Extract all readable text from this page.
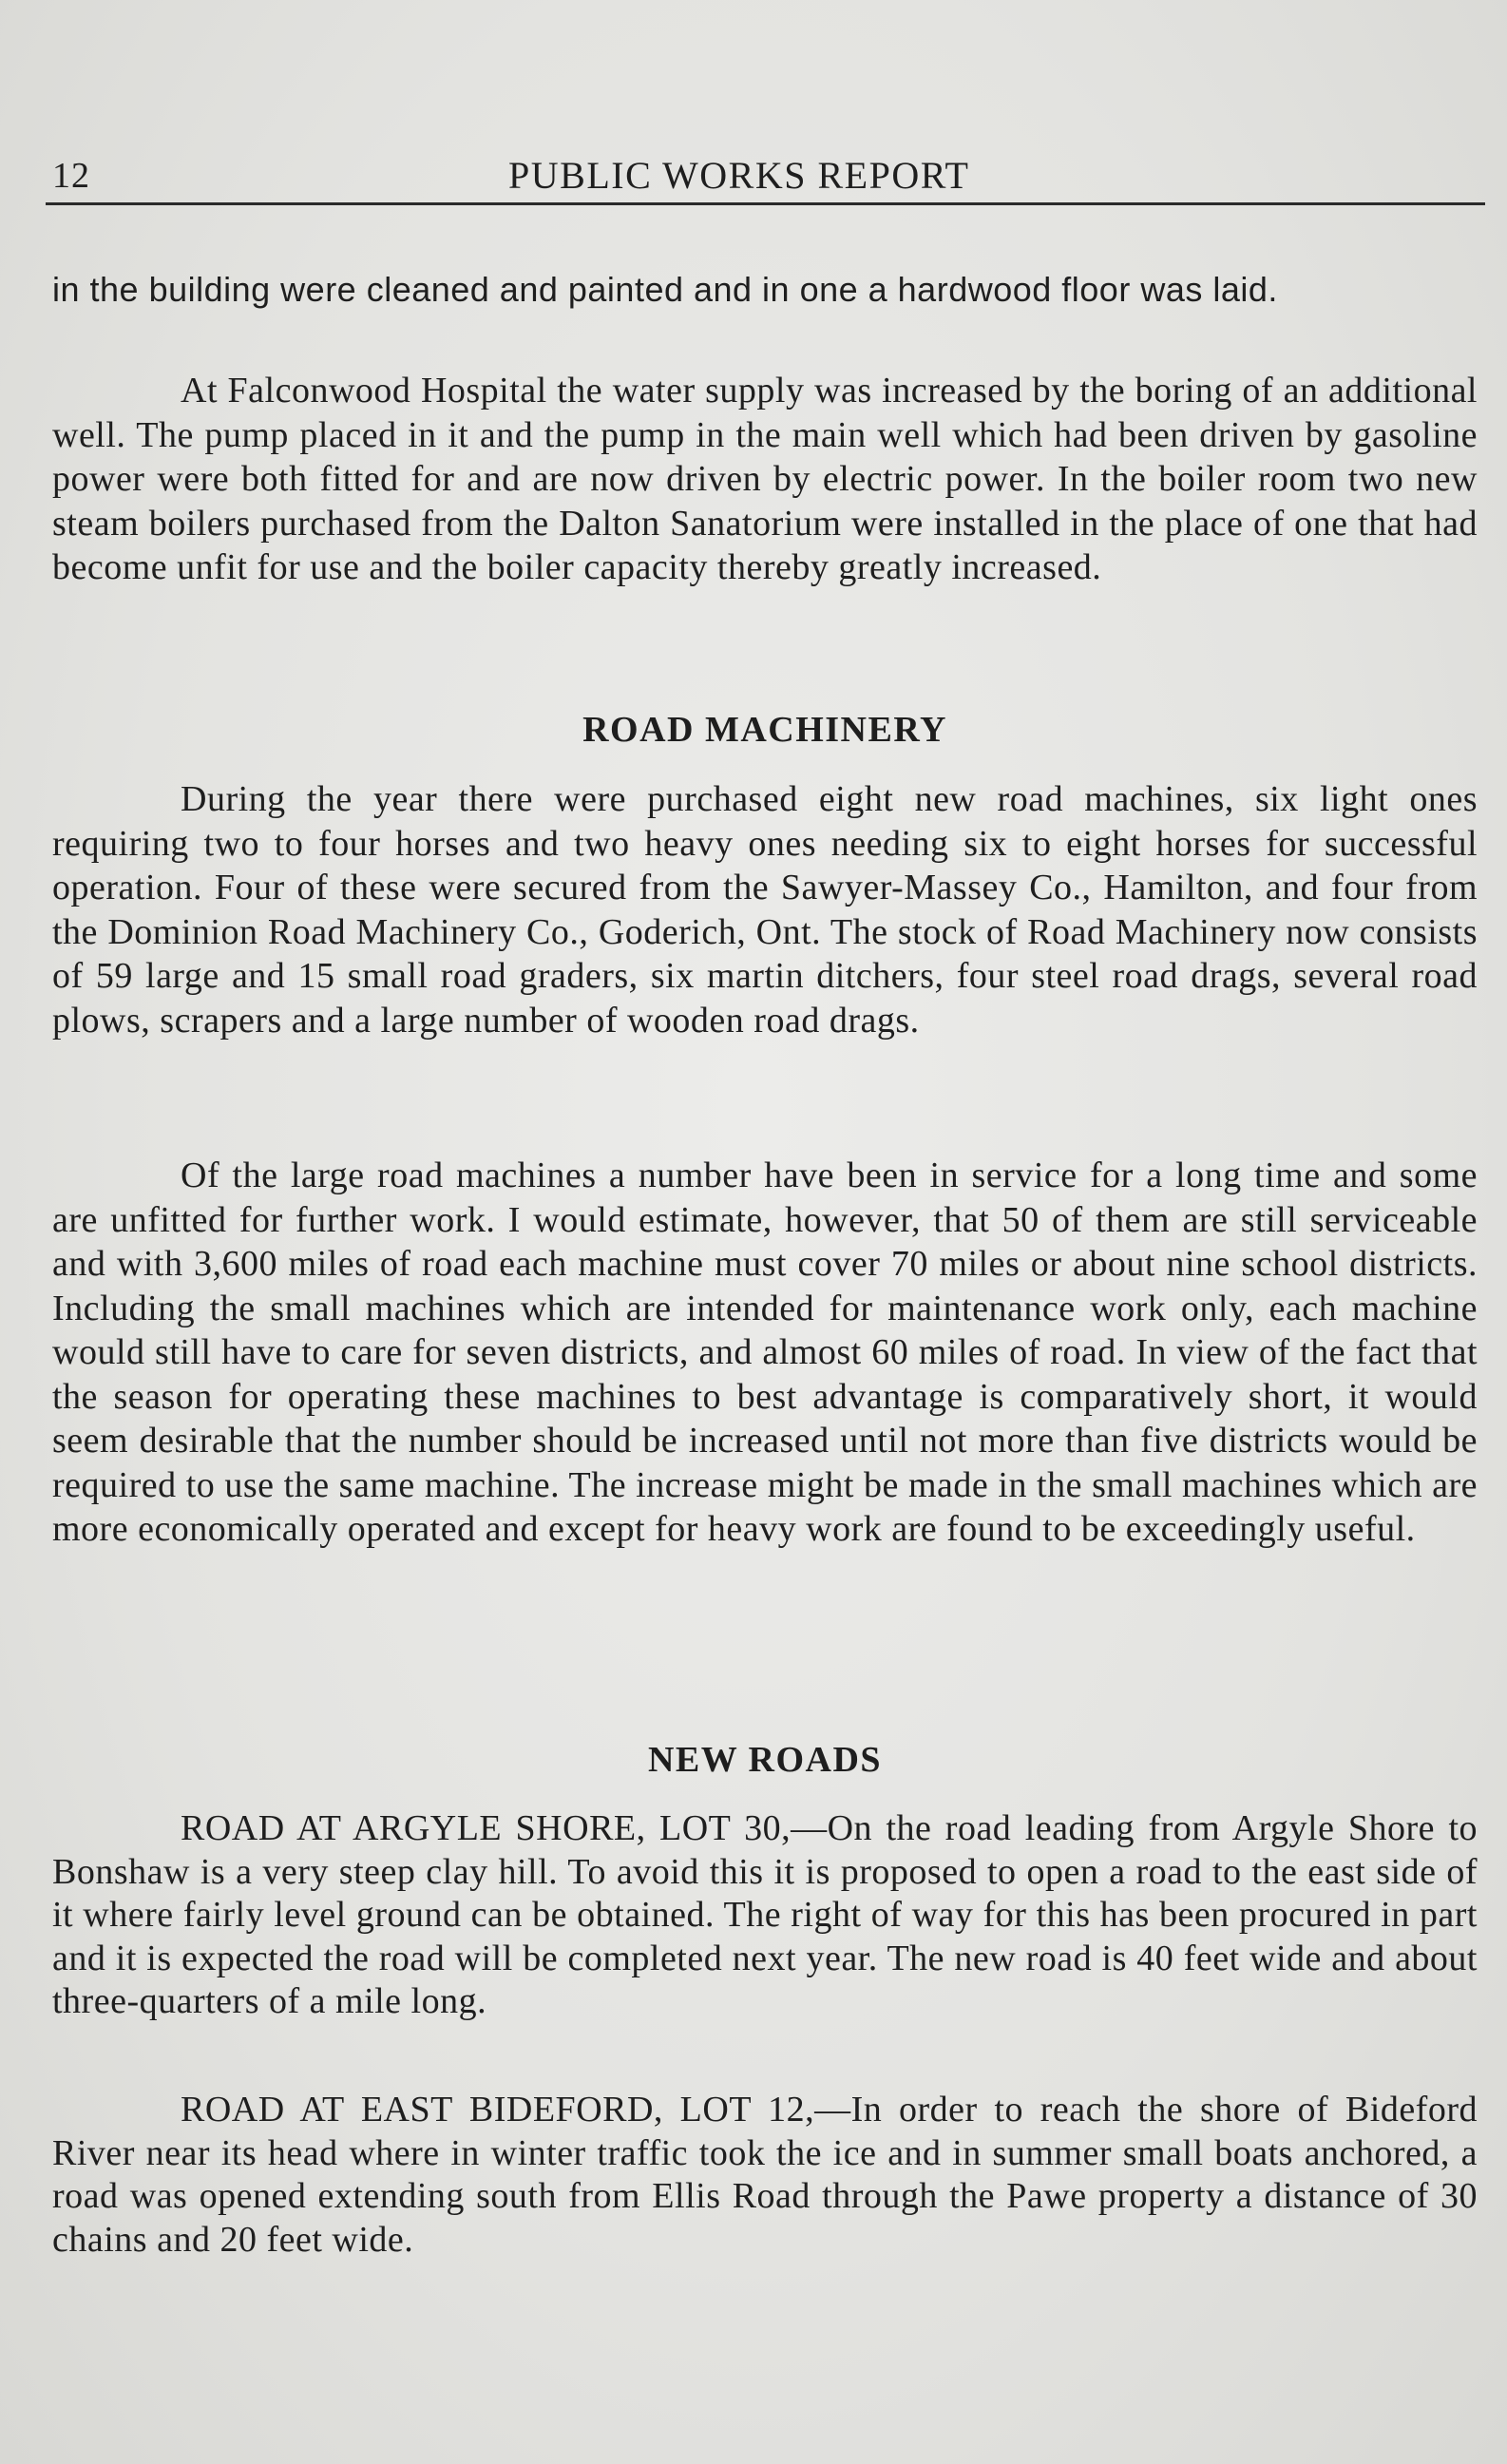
12	PUBLIC WORKS REPORT

in the building were cleaned and painted and in one a hardwood floor was laid.

At Falconwood Hospital the water supply was increased by the boring of an additional well. The pump placed in it and the pump in the main well which had been driven by gasoline power were both fitted for and are now driven by electric power. In the boiler room two new steam boilers purchased from the Dalton Sanatorium were installed in the place of one that had become unfit for use and the boiler capacity thereby greatly increased.

ROAD MACHINERY

During the year there were purchased eight new road machines, six light ones requiring two to four horses and two heavy ones needing six to eight horses for successful operation. Four of these were secured from the Sawyer-Massey Co., Hamilton, and four from the Dominion Road Machinery Co., Goderich, Ont. The stock of Road Machinery now consists of 59 large and 15 small road graders, six martin ditchers, four steel road drags, several road plows, scrapers and a large number of wooden road drags.

Of the large road machines a number have been in service for a long time and some are unfitted for further work. I would estimate, however, that 50 of them are still serviceable and with 3,600 miles of road each machine must cover 70 miles or about nine school districts. Including the small machines which are intended for maintenance work only, each machine would still have to care for seven districts, and almost 60 miles of road. In view of the fact that the season for operating these machines to best advantage is comparatively short, it would seem desirable that the number should be increased until not more than five districts would be required to use the same machine. The increase might be made in the small machines which are more economically operated and except for heavy work are found to be exceedingly useful.

NEW ROADS

ROAD AT ARGYLE SHORE, LOT 30,—On the road leading from Argyle Shore to Bonshaw is a very steep clay hill. To avoid this it is proposed to open a road to the east side of it where fairly level ground can be obtained. The right of way for this has been procured in part and it is expected the road will be completed next year. The new road is 40 feet wide and about three-quarters of a mile long.

ROAD AT EAST BIDEFORD, LOT 12,—In order to reach the shore of Bideford River near its head where in winter traffic took the ice and in summer small boats anchored, a road was opened extending south from Ellis Road through the Pawe property a distance of 30 chains and 20 feet wide.
